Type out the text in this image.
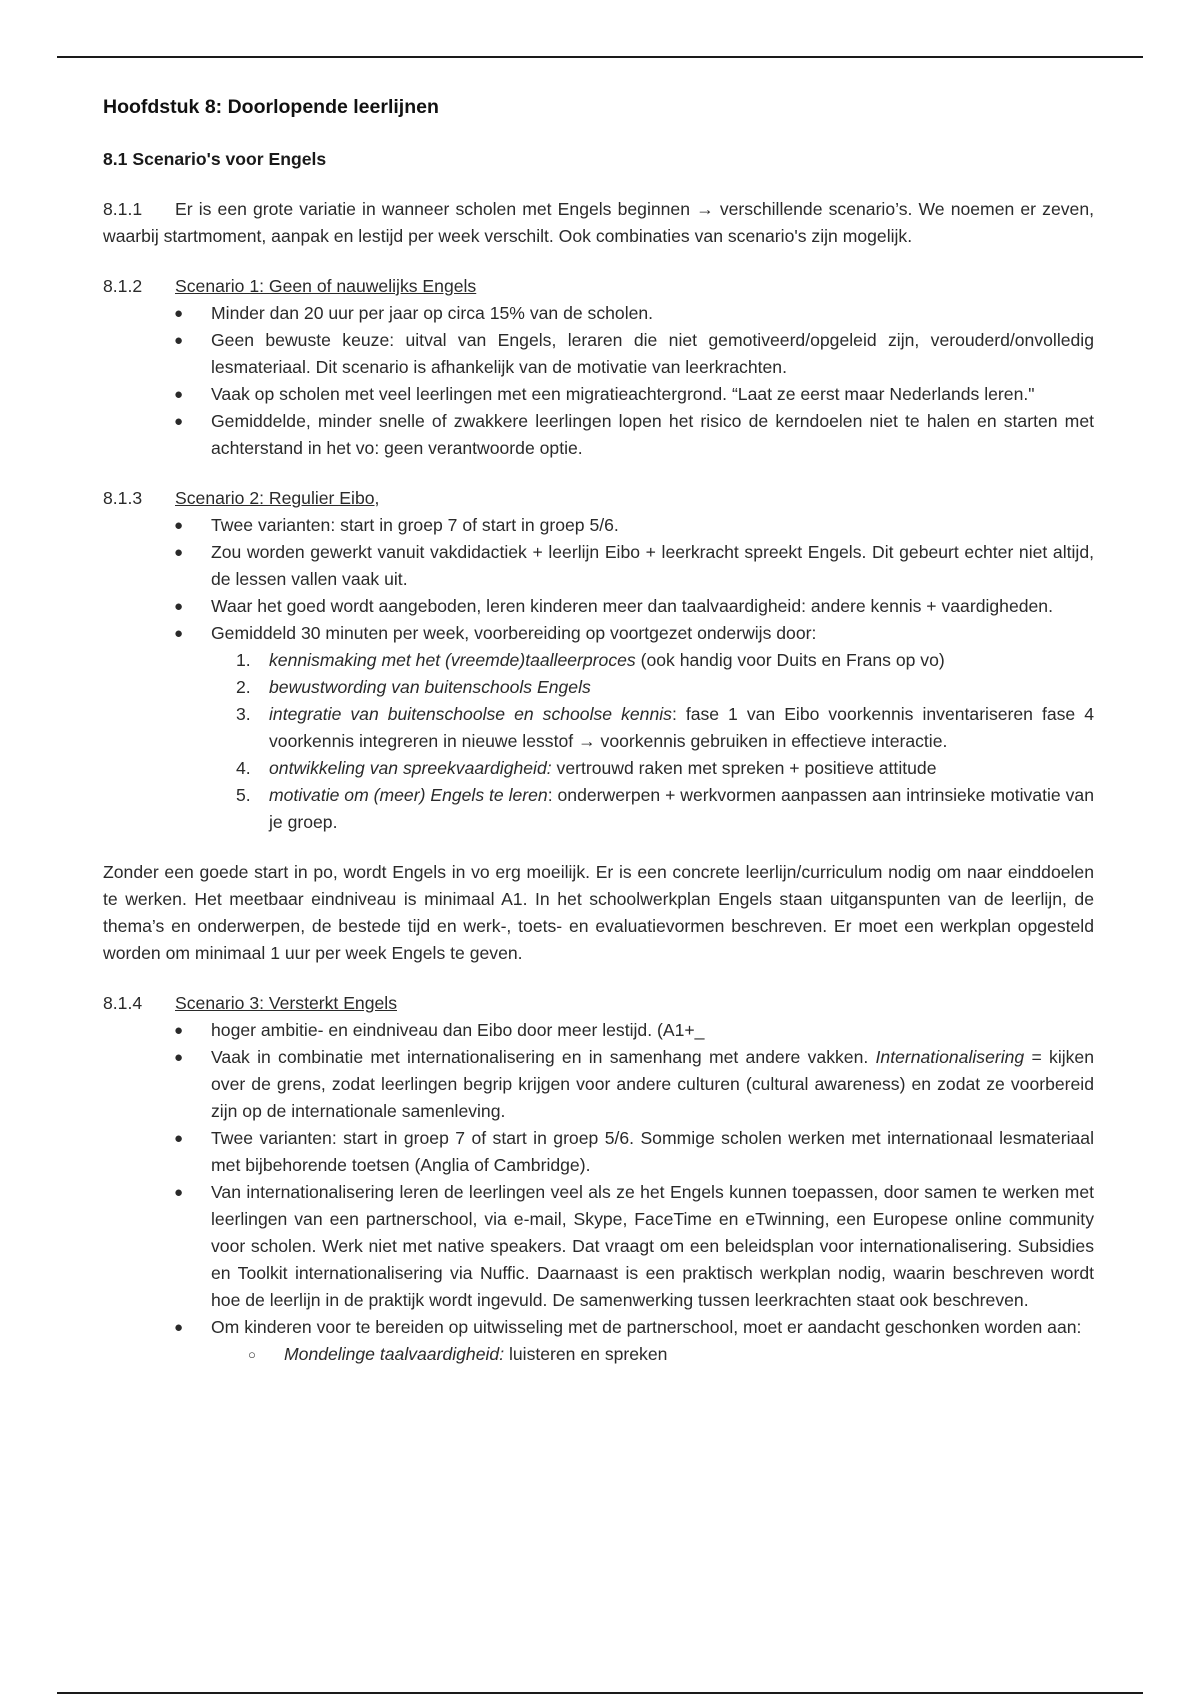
Hoofdstuk 8: Doorlopende leerlijnen
8.1 Scenario's voor Engels

8.1.1 Er is een grote variatie in wanneer scholen met Engels beginnen → verschillende scenario’s. We noemen er zeven, waarbij startmoment, aanpak en lestijd per week verschilt. Ook combinaties van scenario's zijn mogelijk.

8.1.2	Scenario 1: Geen of nauwelijks Engels
● Minder dan 20 uur per jaar op circa 15% van de scholen.
● Geen bewuste keuze: uitval van Engels, leraren die niet gemotiveerd/opgeleid zijn, verouderd/onvolledig lesmateriaal. Dit scenario is afhankelijk van de motivatie van leerkrachten.
● Vaak op scholen met veel leerlingen met een migratieachtergrond. “Laat ze eerst maar Nederlands leren."
● Gemiddelde, minder snelle of zwakkere leerlingen lopen het risico de kerndoelen niet te halen en starten met achterstand in het vo: geen verantwoorde optie.
8.1.3	Scenario 2: Regulier Eibo,
● Twee varianten: start in groep 7 of start in groep 5/6.
● Zou worden gewerkt vanuit vakdidactiek + leerlijn Eibo + leerkracht spreekt Engels. Dit gebeurt echter niet altijd, de lessen vallen vaak uit.
● Waar het goed wordt aangeboden, leren kinderen meer dan taalvaardigheid: andere kennis + vaardigheden.
● Gemiddeld 30 minuten per week, voorbereiding op voortgezet onderwijs door:
1. kennismaking met het (vreemde)taalleerproces (ook handig voor Duits en Frans op vo)
2. bewustwording van buitenschools Engels
3. integratie van buitenschoolse en schoolse kennis: fase 1 van Eibo voorkennis inventariseren fase 4 voorkennis integreren in nieuwe lesstof → voorkennis gebruiken in effectieve interactie.
4. ontwikkeling van spreekvaardigheid: vertrouwd raken met spreken + positieve attitude
5. motivatie om (meer) Engels te leren: onderwerpen + werkvormen aanpassen aan intrinsieke motivatie van je groep.

Zonder een goede start in po, wordt Engels in vo erg moeilijk. Er is een concrete leerlijn/curriculum nodig om naar einddoelen te werken. Het meetbaar eindniveau is minimaal A1. In het schoolwerkplan Engels staan uitganspunten van de leerlijn, de thema’s en onderwerpen, de bestede tijd en werk-, toets- en evaluatievormen beschreven. Er moet een werkplan opgesteld worden om minimaal 1 uur per week Engels te geven.

8.1.4	Scenario 3: Versterkt Engels
● hoger ambitie- en eindniveau dan Eibo door meer lestijd. (A1+_
● Vaak in combinatie met internationalisering en in samenhang met andere vakken. Internationalisering = kijken over de grens, zodat leerlingen begrip krijgen voor andere culturen (cultural awareness) en zodat ze voorbereid zijn op de internationale samenleving.
● Twee varianten: start in groep 7 of start in groep 5/6. Sommige scholen werken met internationaal lesmateriaal met bijbehorende toetsen (Anglia of Cambridge).
● Van internationalisering leren de leerlingen veel als ze het Engels kunnen toepassen, door samen te werken met leerlingen van een partnerschool, via e-mail, Skype, FaceTime en eTwinning, een Europese online community voor scholen. Werk niet met native speakers. Dat vraagt om een beleidsplan voor internationalisering. Subsidies en Toolkit internationalisering via Nuffic. Daarnaast is een praktisch werkplan nodig, waarin beschreven wordt hoe de leerlijn in de praktijk wordt ingevuld. De samenwerking tussen leerkrachten staat ook beschreven.
● Om kinderen voor te bereiden op uitwisseling met de partnerschool, moet er aandacht geschonken worden aan:
○ Mondelinge taalvaardigheid: luisteren en spreken
